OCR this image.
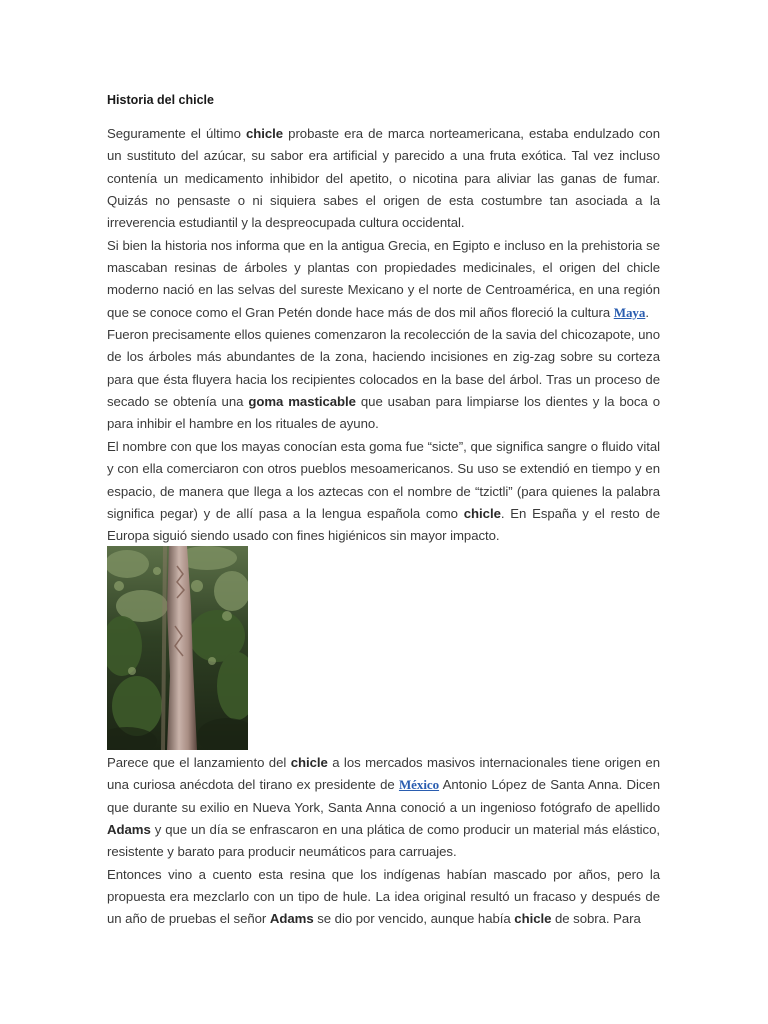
Historia del chicle

Seguramente el último chicle probaste era de marca norteamericana, estaba endulzado con un sustituto del azúcar, su sabor era artificial y parecido a una fruta exótica. Tal vez incluso contenía un medicamento inhibidor del apetito, o nicotina para aliviar las ganas de fumar. Quizás no pensaste o ni siquiera sabes el origen de esta costumbre tan asociada a la irreverencia estudiantil y la despreocupada cultura occidental.

Si bien la historia nos informa que en la antigua Grecia, en Egipto e incluso en la prehistoria se mascaban resinas de árboles y plantas con propiedades medicinales, el origen del chicle moderno nació en las selvas del sureste Mexicano y el norte de Centroamérica, en una región que se conoce como el Gran Petén donde hace más de dos mil años floreció la cultura Maya.

Fueron precisamente ellos quienes comenzaron la recolección de la savia del chicozapote, uno de los árboles más abundantes de la zona, haciendo incisiones en zig-zag sobre su corteza para que ésta fluyera hacia los recipientes colocados en la base del árbol. Tras un proceso de secado se obtenía una goma masticable que usaban para limpiarse los dientes y la boca o para inhibir el hambre en los rituales de ayuno.

El nombre con que los mayas conocían esta goma fue “sicte”, que significa sangre o fluido vital y con ella comerciaron con otros pueblos mesoamericanos. Su uso se extendió en tiempo y en espacio, de manera que llega a los aztecas con el nombre de “tzictli” (para quienes la palabra significa pegar) y de allí pasa a la lengua española como chicle. En España y el resto de Europa siguió siendo usado con fines higiénicos sin mayor impacto.

Parece que el lanzamiento del chicle a los mercados masivos internacionales tiene origen en una curiosa anécdota del tirano ex presidente de México Antonio López de Santa Anna. Dicen que durante su exilio en Nueva York, Santa Anna conoció a un ingenioso fotógrafo de apellido Adams y que un día se enfrascaron en una plática de como producir un material más elástico, resistente y barato para producir neumáticos para carruajes.

Entonces vino a cuento esta resina que los indígenas habían mascado por años, pero la propuesta era mezclarlo con un tipo de hule. La idea original resultó un fracaso y después de un año de pruebas el señor Adams se dio por vencido, aunque había chicle de sobra. Para
